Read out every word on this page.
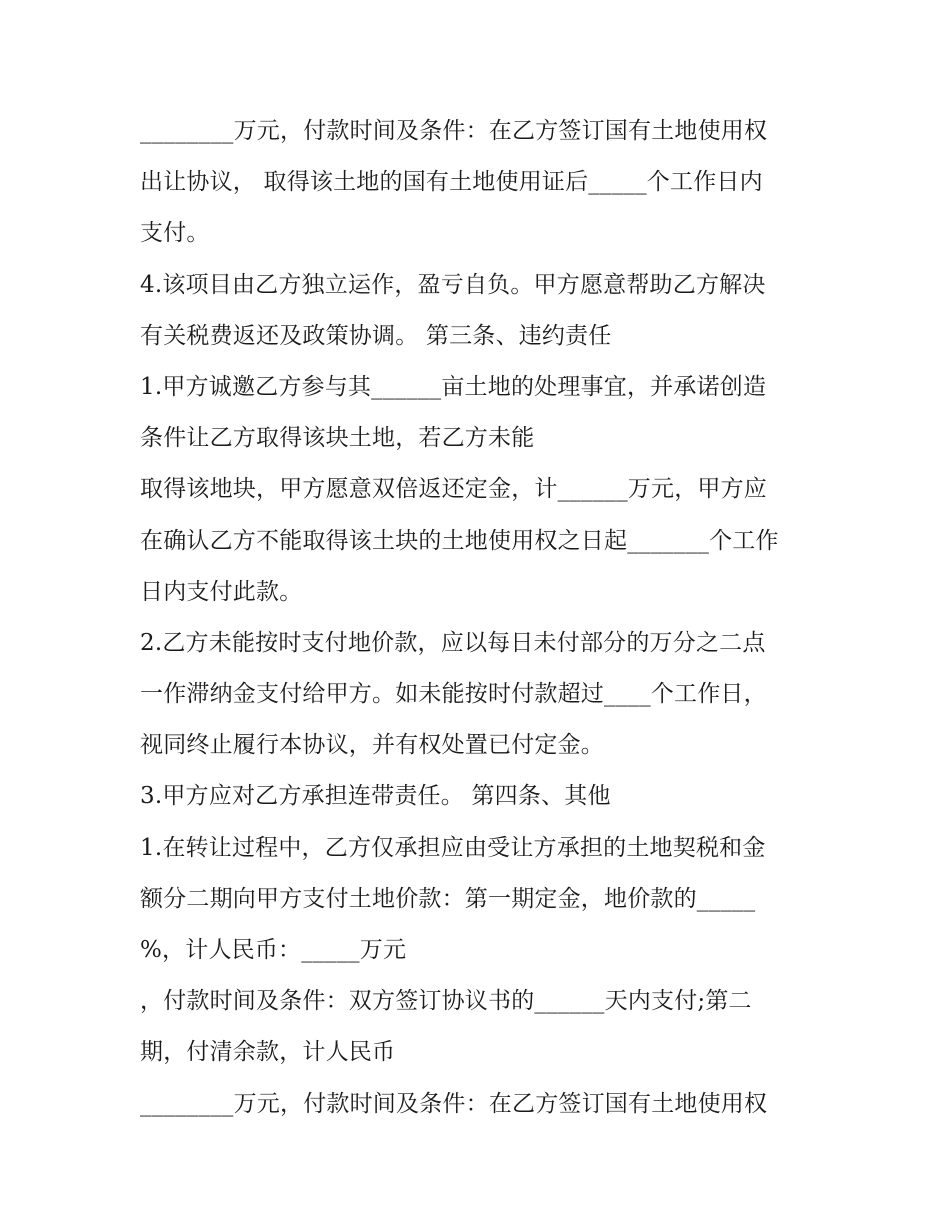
________万元，付款时间及条件：在乙方签订国有土地使用权
出让协议， 取得该土地的国有土地使用证后_____个工作日内
支付。
4.该项目由乙方独立运作，盈亏自负。甲方愿意帮助乙方解决
有关税费返还及政策协调。 第三条、违约责任
1.甲方诚邀乙方参与其______亩土地的处理事宜，并承诺创造
条件让乙方取得该块土地，若乙方未能
取得该地块，甲方愿意双倍返还定金，计______万元，甲方应
在确认乙方不能取得该土块的土地使用权之日起_______个工作
日内支付此款。
2.乙方未能按时支付地价款，应以每日未付部分的万分之二点
一作滞纳金支付给甲方。如未能按时付款超过____个工作日，
视同终止履行本协议，并有权处置已付定金。
3.甲方应对乙方承担连带责任。 第四条、其他
1.在转让过程中，乙方仅承担应由受让方承担的土地契税和金
额分二期向甲方支付土地价款：第一期定金，地价款的_____
%，计人民币：_____万元
，付款时间及条件：双方签订协议书的______天内支付;第二
期，付清余款，计人民币
________万元，付款时间及条件：在乙方签订国有土地使用权
